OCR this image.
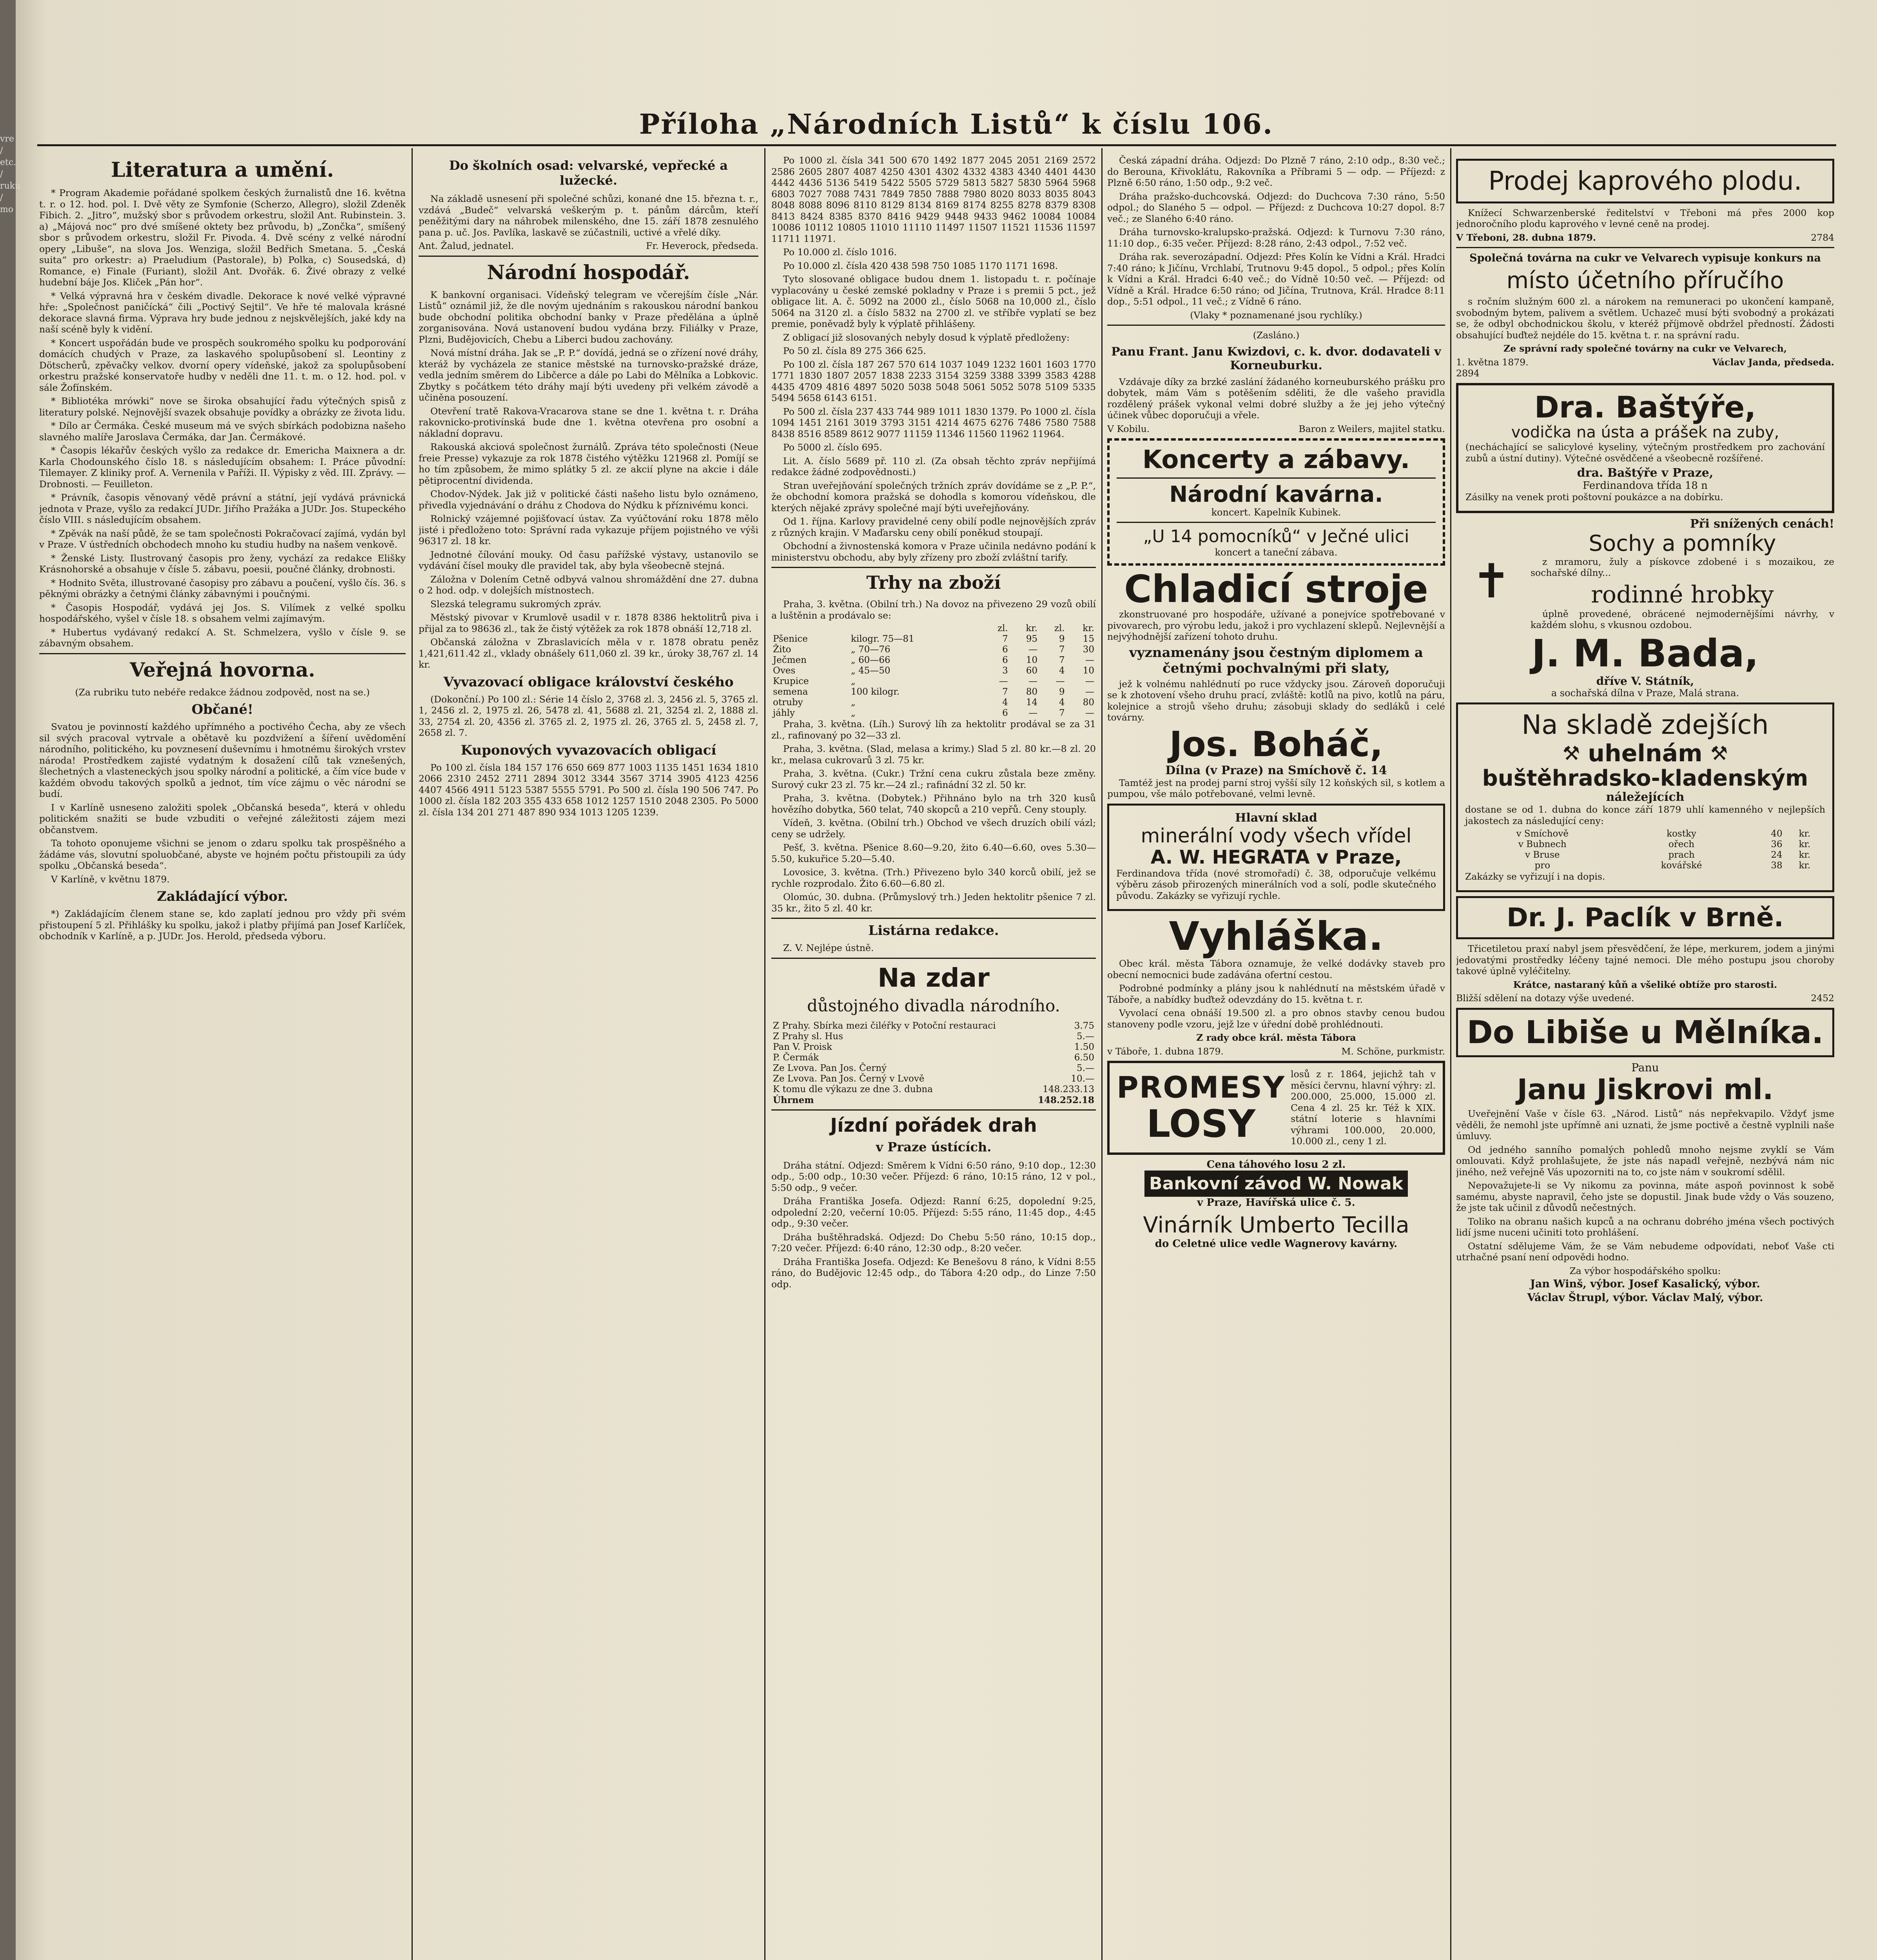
vre / etc. / ruku / mo
Příloha „Národních Listů“ k číslu 106.
Literatura a umění.

* Program Akademie pořádané spolkem českých žurnalistů dne 16. května t. r. o 12. hod. pol. I. Dvě věty ze Symfonie (Scherzo, Allegro), složil Zdeněk Fibich. 2. „Jitro“, mužský sbor s průvodem orkestru, složil Ant. Rubinstein. 3. a) „Májová noc“ pro dvé smíšené oktety bez průvodu, b) „Zončka“, smíšený sbor s průvodem orkestru, složil Fr. Pivoda. 4. Dvě scény z velké národní opery „Libuše“, na slova Jos. Wenziga, složil Bedřich Smetana. 5. „Česká suita“ pro orkestr: a) Praeludium (Pastorale), b) Polka, c) Sousedská, d) Romance, e) Finale (Furiant), složil Ant. Dvořák. 6. Živé obrazy z velké hudební báje Jos. Kliček „Pán hor“.

* Velká výpravná hra v českém divadle. Dekorace k nové velké výpravné hře: „Společnost paničícká“ čili „Poctivý Sejtil“. Ve hře té malovala krásné dekorace slavná firma. Výprava hry bude jednou z nejskvělejších, jaké kdy na naší scéně byly k vidění.

* Koncert uspořádán bude ve prospěch soukromého spolku ku podporování domácích chudých v Praze, za laskavého spolupůsobení sl. Leontiny z Dötscherů, zpěvačky velkov. dvorní opery vídeňské, jakož za spolupůsobení orkestru pražské konservatoře hudby v neděli dne 11. t. m. o 12. hod. pol. v sále Žofínském.

* Bibliotéka mrówki“ nove se široka obsahující řadu výtečných spisů z literatury polské. Nejnovější svazek obsahuje povídky a obrázky ze života lidu.

* Dílo ar Čermáka. České museum má ve svých sbírkách podobizna našeho slavného malíře Jaroslava Čermáka, dar Jan. Čermákové.

* Časopis lékařův českých vyšlo za redakce dr. Emericha Maixnera a dr. Karla Chodounského číslo 18. s následujícím obsahem: I. Práce původní: Tilemayer. Z kliniky prof. A. Vernenila v Paříži. II. Výpisky z věd. III. Zprávy. — Drobnosti. — Feuilleton.

* Právník, časopis věnovaný vědě právní a státní, její vydává právnická jednota v Praze, vyšlo za redakcí JUDr. Jiřího Pražáka a JUDr. Jos. Stupeckého číslo VIII. s následujícím obsahem.

* Zpěvák na naší půdě, že se tam společnosti Pokračovací zajímá, vydán byl v Praze. V ústředních obchodech mnoho ku studiu hudby na našem venkově.

* Ženské Listy. Ilustrovaný časopis pro ženy, vychází za redakce Elišky Krásnohorské a obsahuje v čísle 5. zábavu, poesii, poučné články, drobnosti.

* Hodnito Světa, illustrované časopisy pro zábavu a poučení, vyšlo čís. 36. s pěknými obrázky a četnými články zábavnými i poučnými.

* Časopis Hospodář, vydává jej Jos. S. Vilímek z velké spolku hospodářského, vyšel v čísle 18. s obsahem velmi zajímavým.

* Hubertus vydávaný redakcí A. St. Schmelzera, vyšlo v čísle 9. se zábavným obsahem.

Veřejná hovorna.

(Za rubriku tuto nebéře redakce žádnou zodpověd, nost na se.)

Občané!

Svatou je povinností každého upřímného a poctivého Čecha, aby ze všech sil svých pracoval vytrvale a obětavě ku pozdvižení a šíření uvědomění národního, politického, ku povznesení duševnímu i hmotnému širokých vrstev národa! Prostředkem zajisté vydatným k dosažení cílů tak vznešených, šlechetných a vlasteneckých jsou spolky národní a politické, a čím více bude v každém obvodu takových spolků a jednot, tím více zájmu o věc národní se budí.

I v Karlíně usneseno založiti spolek „Občanská beseda“, která v ohledu politickém snažiti se bude vzbuditi o veřejné záležitosti zájem mezi občanstvem.

Ta tohoto oponujeme všichni se jenom o zdaru spolku tak prospěšného a žádáme vás, slovutní spoluobčané, abyste ve hojném počtu přistoupili za údy spolku „Občanská beseda“.

V Karlíně, v květnu 1879.

Zakládající výbor.

*) Zakládajícím členem stane se, kdo zaplatí jednou pro vždy při svém přistoupení 5 zl. Přihlášky ku spolku, jakož i platby přijímá pan Josef Karlíček, obchodník v Karlíně, a p. JUDr. Jos. Herold, předseda výboru.

Do školních osad: velvarské, vepřecké a lužecké.

Na základě usnesení při společné schůzi, konané dne 15. března t. r., vzdává „Budeč“ velvarská veškerým p. t. pánům dárcům, kteří peněžitými dary na náhrobek milenského, dne 15. září 1878 zesnulého pana p. uč. Jos. Pavlíka, laskavě se zúčastnili, uctivé a vřelé díky.

Ant. Žalud, jednatel.	Fr. Heverock, předseda.
Národní hospodář.

K bankovní organisaci. Vídeňský telegram ve včerejším čísle „Nár. Listů“ oznámil již, že dle novým ujednáním s rakouskou národní bankou bude obchodní politika obchodní banky v Praze předělána a úplně zorganisována. Nová ustanovení budou vydána brzy. Filiálky v Praze, Plzni, Budějovicích, Chebu a Liberci budou zachovány.

Nová místní dráha. Jak se „P. P.“ dovídá, jedná se o zřízení nové dráhy, kteráž by vycházela ze stanice městské na turnovsko-pražské dráze, vedla jedním směrem do Libčerce a dále po Labi do Mělníka a Lobkovic. Zbytky s počátkem této dráhy mají býti uvedeny při velkém závodě a učiněna posouzení.

Otevření tratě Rakova-Vracarova stane se dne 1. května t. r. Dráha rakovnicko-protivínská bude dne 1. května otevřena pro osobní a nákladní dopravu.

Rakouská akciová společnost žurnálů. Zpráva této společnosti (Neue freie Presse) vykazuje za rok 1878 čistého výtěžku 121968 zl. Pomíjí se ho tím způsobem, že mimo splátky 5 zl. ze akcií plyne na akcie i dále pětiprocentní dividenda.

Chodov-Nýdek. Jak již v politické části našeho listu bylo oznámeno, přivedla vyjednávání o dráhu z Chodova do Nýdku k příznivému konci.

Rolnický vzájemné pojišťovací ústav. Za vyúčtování roku 1878 mělo jisté i předloženo toto: Správní rada vykazuje příjem pojistného ve výši 96317 zl. 18 kr.

Jednotné čílování mouky. Od času pařížské výstavy, ustanovilo se vydávání čísel mouky dle pravidel tak, aby byla všeobecně stejná.

Záložna v Dolením Cetně odbyvá valnou shromáždění dne 27. dubna o 2 hod. odp. v dolejších místnostech.

Slezská telegramu sukromých zpráv.

Městský pivovar v Krumlově usadil v r. 1878 8386 hektolitrů piva i přijal za to 98636 zl., tak že čistý výtěžek za rok 1878 obnáší 12,718 zl.

Občanská záložna v Zbraslavicích měla v r. 1878 obratu peněz 1,421,611.42 zl., vklady obnášely 611,060 zl. 39 kr., úroky 38,767 zl. 14 kr.

Vyvazovací obligace království českého

(Dokonční.) Po 100 zl.: Série 14 číslo 2, 3768 zl. 3, 2456 zl. 5, 3765 zl. 1, 2456 zl. 2, 1975 zl. 26, 5478 zl. 41, 5688 zl. 21, 3254 zl. 2, 1888 zl. 33, 2754 zl. 20, 4356 zl. 3765 zl. 2, 1975 zl. 26, 3765 zl. 5, 2458 zl. 7, 2658 zl. 7.

Kuponových vyvazovacích obligací

Po 100 zl. čísla 184 157 176 650 669 877 1003 1135 1451 1634 1810 2066 2310 2452 2711 2894 3012 3344 3567 3714 3905 4123 4256 4407 4566 4911 5123 5387 5555 5791. Po 500 zl. čísla 190 506 747. Po 1000 zl. čísla 182 203 355 433 658 1012 1257 1510 2048 2305. Po 5000 zl. čísla 134 201 271 487 890 934 1013 1205 1239.

Po 1000 zl. čísla 341 500 670 1492 1877 2045 2051 2169 2572 2586 2605 2807 4087 4250 4301 4302 4332 4383 4340 4401 4430 4442 4436 5136 5419 5422 5505 5729 5813 5827 5830 5964 5968 6803 7027 7088 7431 7849 7850 7888 7980 8020 8033 8035 8043 8048 8088 8096 8110 8129 8134 8169 8174 8255 8278 8379 8308 8413 8424 8385 8370 8416 9429 9448 9433 9462 10084 10084 10086 10112 10805 11010 11110 11497 11507 11521 11536 11597 11711 11971.

Po 10.000 zl. číslo 1016.

Po 10.000 zl. čísla 420 438 598 750 1085 1170 1171 1698.

Tyto slosované obligace budou dnem 1. listopadu t. r. počínaje vyplacovány u české zemské pokladny v Praze i s premii 5 pct., jež obligace lit. A. č. 5092 na 2000 zl., číslo 5068 na 10,000 zl., číslo 5064 na 3120 zl. a číslo 5832 na 2700 zl. ve stříbře vyplatí se bez premie, poněvadž byly k výplatě přihlášeny.

Z obligací již slosovaných nebyly dosud k výplatě předloženy:

Po 50 zl. čísla 89 275 366 625.

Po 100 zl. čísla 187 267 570 614 1037 1049 1232 1601 1603 1770 1771 1830 1807 2057 1838 2233 3154 3259 3388 3399 3583 4288 4435 4709 4816 4897 5020 5038 5048 5061 5052 5078 5109 5335 5494 5658 6143 6151.

Po 500 zl. čísla 237 433 744 989 1011 1830 1379. Po 1000 zl. čísla 1094 1451 2161 3019 3793 3151 4214 4675 6276 7486 7580 7588 8438 8516 8589 8612 9077 11159 11346 11560 11962 11964.

Po 5000 zl. číslo 695.

Lit. A. číslo 5689 př. 110 zl. (Za obsah těchto zpráv nepřijímá redakce žádné zodpovědnosti.)

Stran uveřejňování společných tržních zpráv dovídáme se z „P. P.“, že obchodní komora pražská se dohodla s komorou vídeňskou, dle kterých nějaké zprávy společné mají býti uveřejňovány.

Od 1. října. Karlovy pravidelné ceny obilí podle nejnovějších zpráv z různých krajin. V Maďarsku ceny obilí poněkud stoupají.

Obchodní a živnostenská komora v Praze učinila nedávno podání k ministerstvu obchodu, aby byly zřízeny pro zboží zvláštní tarify.

Trhy na zboží

Praha, 3. května. (Obilní trh.) Na dovoz na přivezeno 29 vozů obilí a luštěnin a prodávalo se:

		zl.	kr.	zl.	kr.
Pšenice	kilogr. 75—81	7	95	9	15
Žito	„ 70—76	6	—	7	30
Ječmen	„ 60—66	6	10	7	—
Oves	„ 45—50	3	60	4	10
Krupice	„	—	—	—	—
semena	100 kilogr.	7	80	9	—
otruby	„	4	14	4	80
jáhly	„	6	—	7	—

Praha, 3. května. (Líh.) Surový líh za hektolitr prodával se za 31 zl., rafinovaný po 32—33 zl.

Praha, 3. května. (Slad, melasa a krimy.) Slad 5 zl. 80 kr.—8 zl. 20 kr., melasa cukrovarů 3 zl. 75 kr.

Praha, 3. května. (Cukr.) Tržní cena cukru zůstala beze změny. Surový cukr 23 zl. 75 kr.—24 zl.; rafinádní 32 zl. 50 kr.

Praha, 3. května. (Dobytek.) Přihnáno bylo na trh 320 kusů hovězího dobytka, 560 telat, 740 skopců a 210 vepřů. Ceny stouply.

Vídeň, 3. května. (Obilní trh.) Obchod ve všech druzích obilí vázl; ceny se udržely.

Pešť, 3. května. Pšenice 8.60—9.20, žito 6.40—6.60, oves 5.30—5.50, kukuřice 5.20—5.40.

Lovosice, 3. května. (Trh.) Přivezeno bylo 340 korců obilí, jež se rychle rozprodalo. Žito 6.60—6.80 zl.

Olomúc, 30. dubna. (Průmyslový trh.) Jeden hektolitr pšenice 7 zl. 35 kr., žito 5 zl. 40 kr.

Listárna redakce.

Z. V. Nejlépe ústně.

Na zdar
důstojného divadla národního.
Z Prahy. Sbírka mezi čiléřky v Potoční restauraci	3.75
Z Prahy sl. Hus	5.—
Pan V. Proisk	1.50
P. Čermák	6.50
Ze Lvova. Pan Jos. Černý	5.—
Ze Lvova. Pan Jos. Černý v Lvově	10.—
K tomu dle výkazu ze dne 3. dubna	148.233.13
Úhrnem	148.252.18
Jízdní pořádek drah
v Praze ústících.

Dráha státní. Odjezd: Směrem k Vídni 6:50 ráno, 9:10 dop., 12:30 odp., 5:00 odp., 10:30 večer. Příjezd: 6 ráno, 10:15 ráno, 12 v pol., 5:50 odp., 9 večer.

Dráha Františka Josefa. Odjezd: Ranní 6:25, dopolední 9:25, odpolední 2:20, večerní 10:05. Příjezd: 5:55 ráno, 11:45 dop., 4:45 odp., 9:30 večer.

Dráha buštěhradská. Odjezd: Do Chebu 5:50 ráno, 10:15 dop., 7:20 večer. Příjezd: 6:40 ráno, 12:30 odp., 8:20 večer.

Dráha Františka Josefa. Odjezd: Ke Benešovu 8 ráno, k Vídni 8:55 ráno, do Budějovic 12:45 odp., do Tábora 4:20 odp., do Linze 7:50 odp.

Česká západní dráha. Odjezd: Do Plzně 7 ráno, 2:10 odp., 8:30 več.; do Berouna, Křivoklátu, Rakovníka a Příbrami 5 — odp. — Příjezd: z Plzně 6:50 ráno, 1:50 odp., 9:2 več.

Dráha pražsko-duchcovská. Odjezd: do Duchcova 7:30 ráno, 5:50 odpol.; do Slaného 5 — odpol. — Příjezd: z Duchcova 10:27 dopol. 8:7 več.; ze Slaného 6:40 ráno.

Dráha turnovsko-kralupsko-pražská. Odjezd: k Turnovu 7:30 ráno, 11:10 dop., 6:35 večer. Příjezd: 8:28 ráno, 2:43 odpol., 7:52 več.

Dráha rak. severozápadní. Odjezd: Přes Kolín ke Vídni a Král. Hradci 7:40 ráno; k Jičínu, Vrchlabí, Trutnovu 9:45 dopol., 5 odpol.; přes Kolín k Vídni a Král. Hradci 6:40 več.; do Vídně 10:50 več. — Příjezd: od Vídně a Král. Hradce 6:50 ráno; od Jičína, Trutnova, Král. Hradce 8:11 dop., 5:51 odpol., 11 več.; z Vídně 6 ráno.

(Vlaky * poznamenané jsou rychlíky.)

(Zasláno.)

Panu Frant. Janu Kwizdovi, c. k. dvor. dodavateli v Korneuburku.

Vzdávaje díky za brzké zaslání žádaného korneuburského prášku pro dobytek, mám Vám s potěšením sděliti, že dle vašeho pravidla rozdělený prášek vykonal velmi dobré služby a že jej jeho výtečný účinek vůbec doporučuji a vřele.

V Kobilu.	Baron z Weilers, majitel statku.
Koncerty a zábavy.
Národní kavárna.
koncert. Kapelník Kubinek.
„U 14 pomocníků“ v Ječné ulici
koncert a taneční zábava.
Chladicí stroje

zkonstruované pro hospodáře, užívané a ponejvíce spotřebované v pivovarech, pro výrobu ledu, jakož i pro vychlazení sklepů. Nejlevnější a nejvýhodnější zařízení tohoto druhu.

vyznamenány jsou čestným diplomem a četnými pochvalnými při slaty,

jež k volnému nahlédnutí po ruce vždycky jsou. Zároveň doporučuji se k zhotovení všeho druhu prací, zvláště: kotlů na pivo, kotlů na páru, kolejnice a strojů všeho druhu; zásobuji sklady do sedláků i celé továrny.

Jos. Boháč,
Dílna (v Praze) na Smíchově č. 14

Tamtéž jest na prodej parní stroj vyšší síly 12 koňských sil, s kotlem a pumpou, vše málo potřebované, velmi levně.

Hlavní sklad
minerální vody všech vřídel
A. W. HEGRATA v Praze,

Ferdinandova třída (nové stromořadí) č. 38, odporučuje velkému výběru zásob přirozených minerálních vod a solí, podle skutečného původu. Zakázky se vyřizují rychle.

Vyhláška.

Obec král. města Tábora oznamuje, že velké dodávky staveb pro obecní nemocnici bude zadávána ofertní cestou.

Podrobné podmínky a plány jsou k nahlédnutí na městském úřadě v Táboře, a nabídky buďtež odevzdány do 15. května t. r.

Vyvolací cena obnáší 19.500 zl. a pro obnos stavby cenou budou stanoveny podle vzoru, jejž lze v úřední době prohlédnouti.

Z rady obce král. města Tábora

v Táboře, 1. dubna 1879.	M. Schöne, purkmistr.
PROMESY
LOSY

losů z r. 1864, jejichž tah v měsíci červnu, hlavní výhry: zl. 200.000, 25.000, 15.000 zl. Cena 4 zl. 25 kr. Též k XIX. státní loterie s hlavními výhrami 100.000, 20.000, 10.000 zl., ceny 1 zl.

Cena táhového losu 2 zl.
Bankovní závod W. Nowak
v Praze, Havířská ulice č. 5.
Vinárník Umberto Tecilla
do Celetné ulice vedle Wagnerovy kavárny.
Prodej kaprového plodu.

Knížecí Schwarzenberské ředitelství v Třeboni má přes 2000 kop jednoročního plodu kaprového v levné ceně na prodej.

V Třeboni, 28. dubna 1879.	2784

Společná továrna na cukr ve Velvarech vypisuje konkurs na

místo účetního příručího

s ročním služným 600 zl. a nárokem na remuneraci po ukončení kampaně, svobodným bytem, palivem a světlem. Uchazeč musí býti svobodný a prokázati se, že odbyl obchodnickou školu, v kteréž příjmově obdržel předností. Žádosti obsahující buďtež nejdéle do 15. května t. r. na správní radu.

Ze správní rady společné továrny na cukr ve Velvarech,

1. května 1879.	Václav Janda, předseda.

2894

Dra. Baštýře,
vodička na ústa a prášek na zuby,

(necháchající se salicylové kyseliny, výtečným prostředkem pro zachování zubů a ústní dutiny). Výtečné osvědčené a všeobecně rozšířené.

dra. Baštýře v Praze,
Ferdinandova třída 18 n

Zásilky na venek proti poštovní poukázce a na dobírku.

Při snížených cenách!
✝
Sochy a pomníky

z mramoru, žuly a pískovce zdobené i s mozaikou, ze sochařské dílny...

rodinné hrobky

úplně provedené, obrácené nejmodernějšími návrhy, v každém slohu, s vkusnou ozdobou.

J. M. Bada,
dříve V. Státník,
a sochařská dílna v Praze, Malá strana.
Na skladě zdejších
⚒ uhelnám ⚒
buštěhradsko-kladenským
náležejících

dostane se od 1. dubna do konce září 1879 uhlí kamenného v nejlepších jakostech za následující ceny:

v Smíchově	kostky	40	kr.
v Bubnech	ořech	36	kr.
v Bruse	prach	24	kr.
pro	kovářské	38	kr.

Zakázky se vyřizují i na dopis.

Dr. J. Paclík v Brně.

Třicetiletou praxí nabyl jsem přesvědčení, že lépe, merkurem, jodem a jinými jedovatými prostředky léčeny tajné nemoci. Dle mého postupu jsou choroby takové úplně vyléčitelny.

Krátce, nastaraný kůň a všeliké obtíže pro starosti.

Bližší sdělení na dotazy výše uvedené.	2452
Do Libiše u Mělníka.
Panu
Janu Jiskrovi ml.

Uveřejnění Vaše v čísle 63. „Národ. Listů“ nás nepřekvapilo. Vždyť jsme věděli, že nemohl jste upřímně ani uznati, že jsme poctivě a čestně vyplnili naše úmluvy.

Od jedného sanního pomalých pohledů mnoho nejsme zvyklí se Vám omlouvati. Když prohlašujete, že jste nás napadl veřejně, nezbývá nám nic jiného, než veřejně Vás upozorniti na to, co jste nám v soukromí sdělil.

Nepovažujete-li se Vy nikomu za povinna, máte aspoň povinnost k sobě samému, abyste napravil, čeho jste se dopustil. Jinak bude vždy o Vás souzeno, že jste tak učinil z důvodů nečestných.

Toliko na obranu našich kupců a na ochranu dobrého jména všech poctivých lidí jsme nuceni učiniti toto prohlášení.

Ostatní sdělujeme Vám, že se Vám nebudeme odpovídati, neboť Vaše cti utrhačné psaní není odpovědi hodno.

Za výbor hospodářského spolku:

Jan Winš, výbor. Josef Kasalický, výbor.

Václav Štrupl, výbor. Václav Malý, výbor.
